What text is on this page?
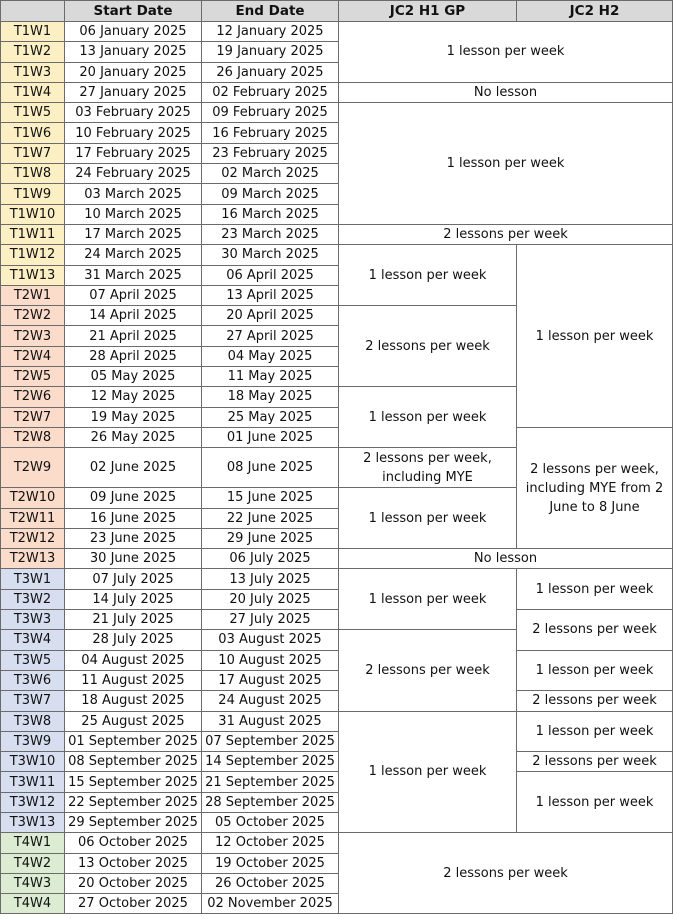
	Start Date	End Date	JC2 H1 GP	JC2 H2
T1W1	06 January 2025	12 January 2025	1 lesson per week	
T1W2	13 January 2025	19 January 2025		
T1W3	20 January 2025	26 January 2025		
T1W4	27 January 2025	02 February 2025	No lesson	
T1W5	03 February 2025	09 February 2025	1 lesson per week	
T1W6	10 February 2025	16 February 2025		
T1W7	17 February 2025	23 February 2025		
T1W8	24 February 2025	02 March 2025		
T1W9	03 March 2025	09 March 2025		
T1W10	10 March 2025	16 March 2025		
T1W11	17 March 2025	23 March 2025	2 lessons per week	
T1W12	24 March 2025	30 March 2025	1 lesson per week	1 lesson per week
T1W13	31 March 2025	06 April 2025		
T2W1	07 April 2025	13 April 2025		
T2W2	14 April 2025	20 April 2025	2 lessons per week	
T2W3	21 April 2025	27 April 2025		
T2W4	28 April 2025	04 May 2025		
T2W5	05 May 2025	11 May 2025		
T2W6	12 May 2025	18 May 2025	1 lesson per week	
T2W7	19 May 2025	25 May 2025		
T2W8	26 May 2025	01 June 2025		2 lessons per week, including MYE from 2 June to 8 June
T2W9	02 June 2025	08 June 2025	2 lessons per week, including MYE	
T2W10	09 June 2025	15 June 2025	1 lesson per week	
T2W11	16 June 2025	22 June 2025		
T2W12	23 June 2025	29 June 2025		
T2W13	30 June 2025	06 July 2025	No lesson	
T3W1	07 July 2025	13 July 2025	1 lesson per week	1 lesson per week
T3W2	14 July 2025	20 July 2025		
T3W3	21 July 2025	27 July 2025		2 lessons per week
T3W4	28 July 2025	03 August 2025	2 lessons per week	
T3W5	04 August 2025	10 August 2025		1 lesson per week
T3W6	11 August 2025	17 August 2025		
T3W7	18 August 2025	24 August 2025		2 lessons per week
T3W8	25 August 2025	31 August 2025	1 lesson per week	1 lesson per week
T3W9	01 September 2025	07 September 2025		
T3W10	08 September 2025	14 September 2025		2 lessons per week
T3W11	15 September 2025	21 September 2025		1 lesson per week
T3W12	22 September 2025	28 September 2025		
T3W13	29 September 2025	05 October 2025		
T4W1	06 October 2025	12 October 2025	2 lessons per week	
T4W2	13 October 2025	19 October 2025		
T4W3	20 October 2025	26 October 2025		
T4W4	27 October 2025	02 November 2025		
